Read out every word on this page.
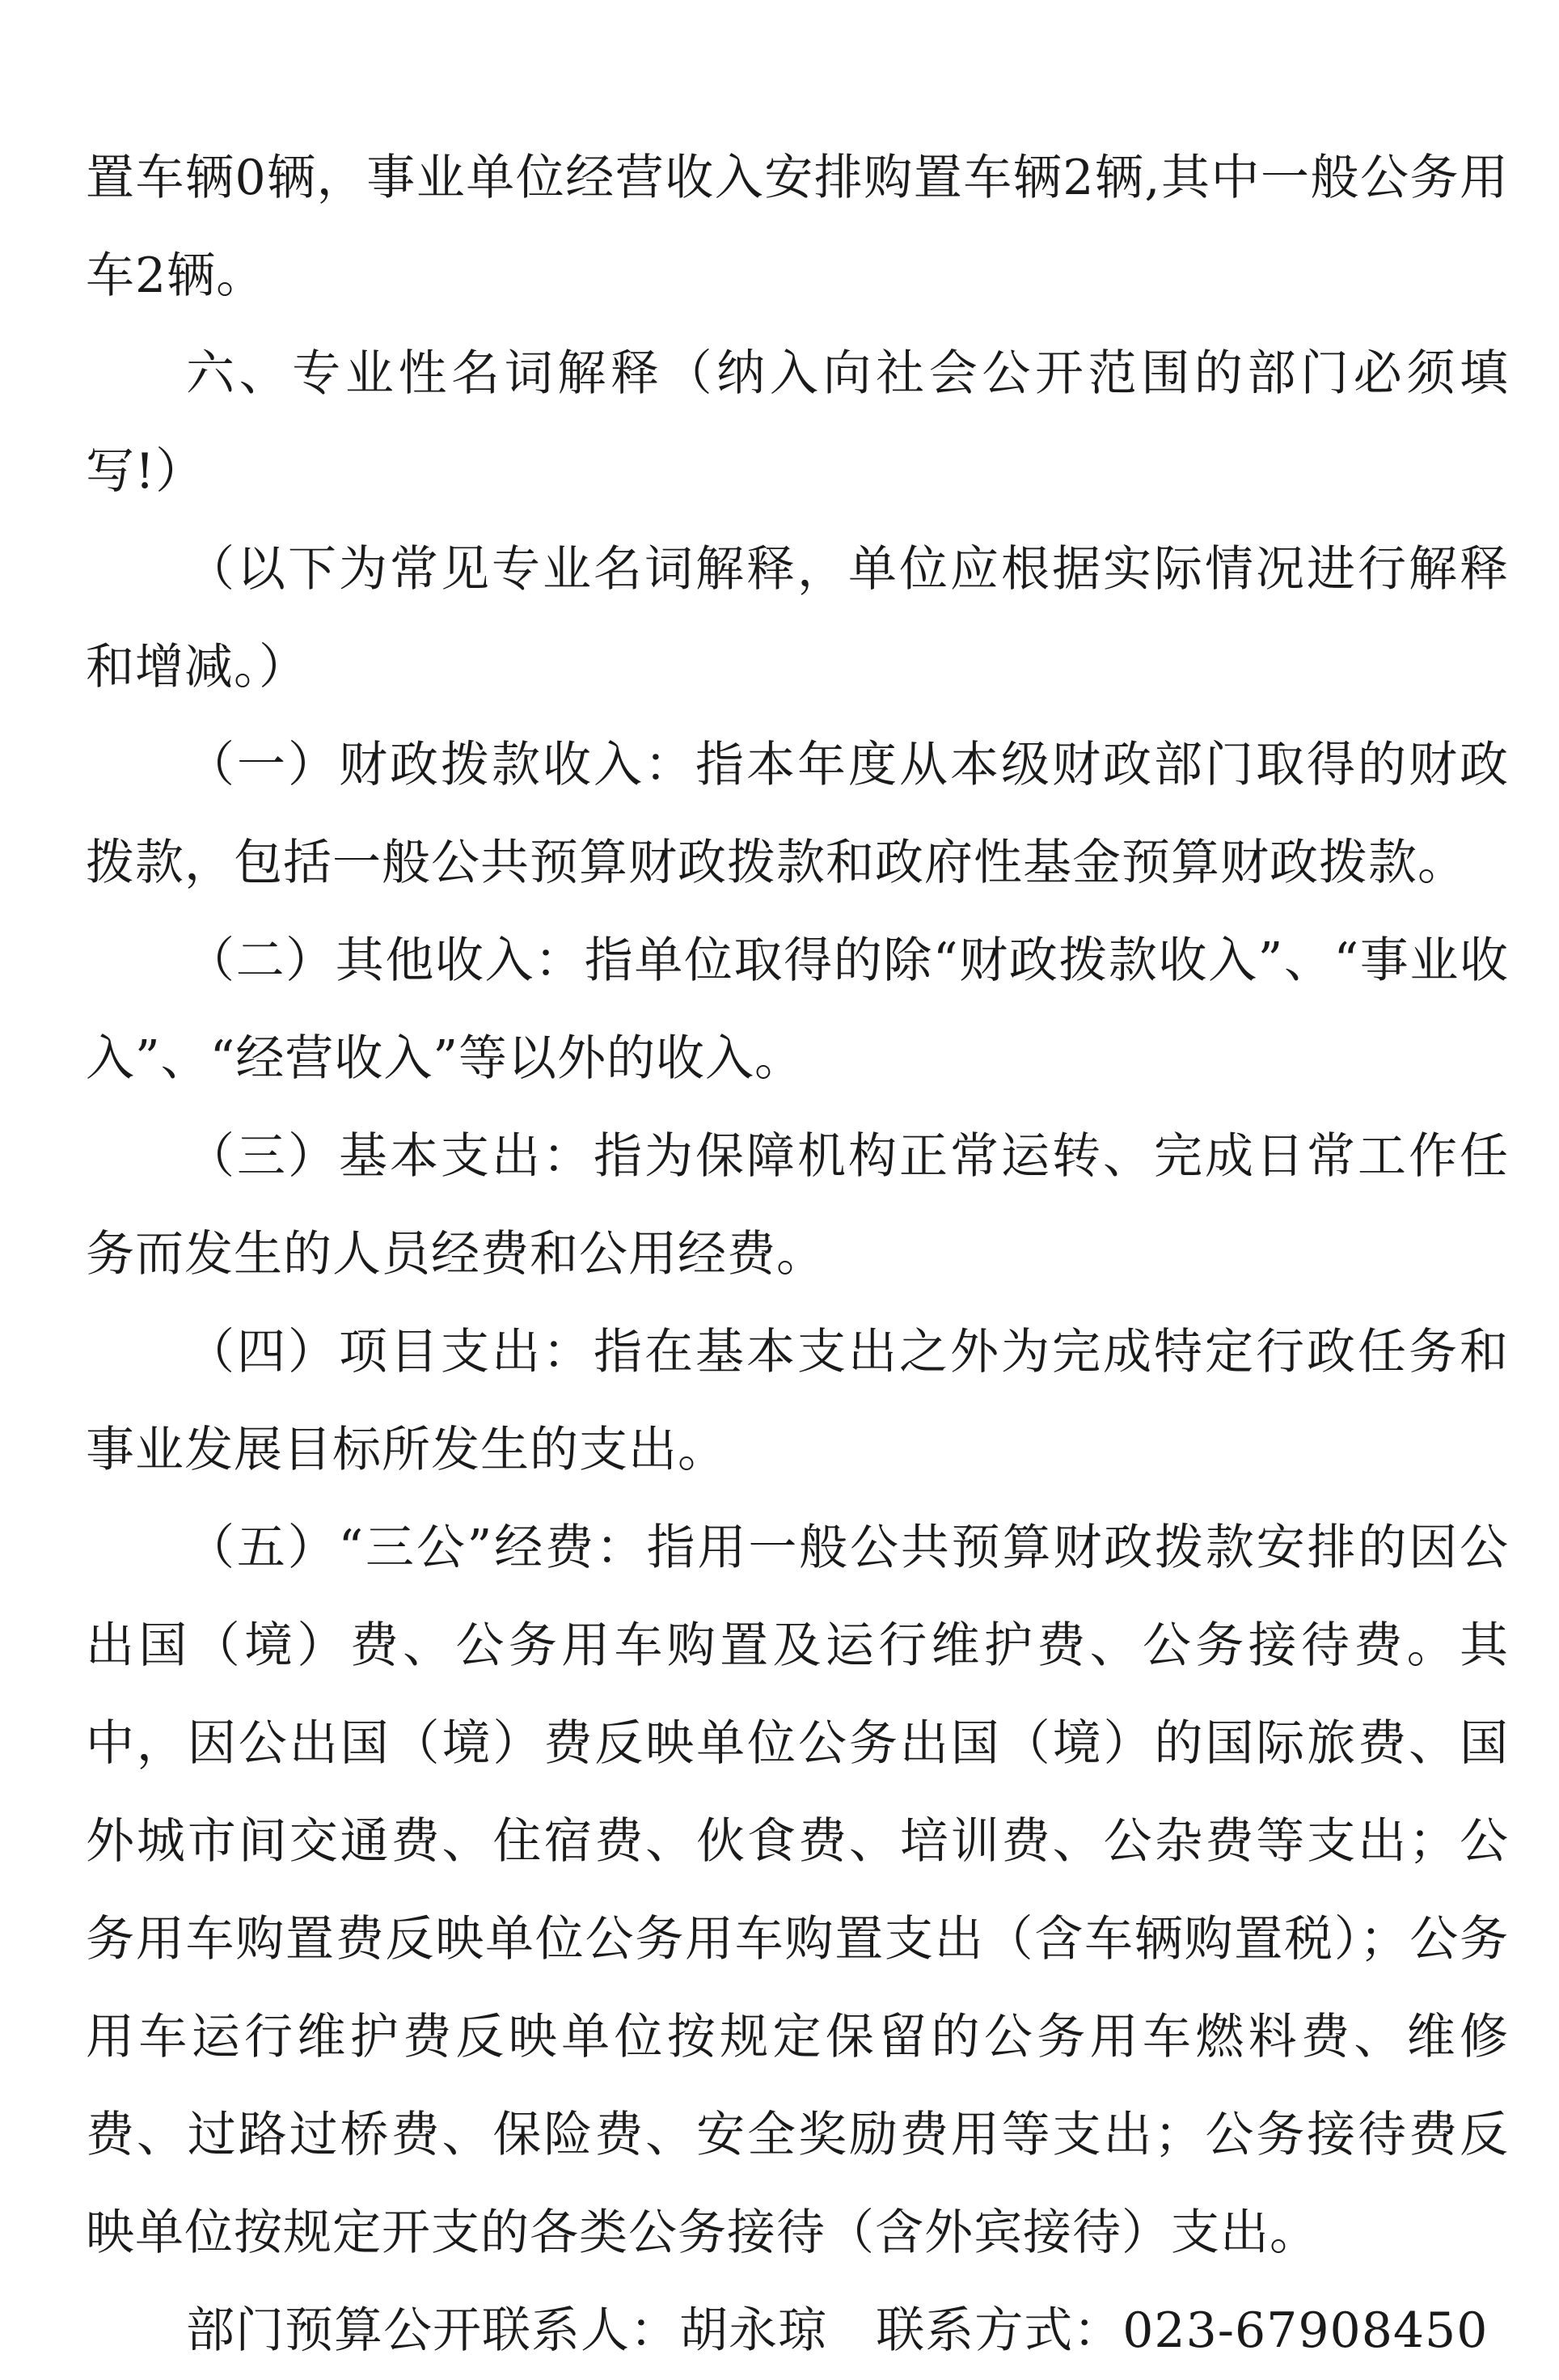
置车辆0辆，事业单位经营收入安排购置车辆2辆,其中一般公务用车2辆。

六、专业性名词解释（纳入向社会公开范围的部门必须填写!）

（以下为常见专业名词解释，单位应根据实际情况进行解释和增减。）

（一）财政拨款收入：指本年度从本级财政部门取得的财政拨款，包括一般公共预算财政拨款和政府性基金预算财政拨款。

（二）其他收入：指单位取得的除“财政拨款收入”、“事业收入”、“经营收入”等以外的收入。

（三）基本支出：指为保障机构正常运转、完成日常工作任务而发生的人员经费和公用经费。

（四）项目支出：指在基本支出之外为完成特定行政任务和事业发展目标所发生的支出。

（五）“三公”经费：指用一般公共预算财政拨款安排的因公出国（境）费、公务用车购置及运行维护费、公务接待费。其中，因公出国（境）费反映单位公务出国（境）的国际旅费、国外城市间交通费、住宿费、伙食费、培训费、公杂费等支出；公务用车购置费反映单位公务用车购置支出（含车辆购置税）；公务用车运行维护费反映单位按规定保留的公务用车燃料费、维修费、过路过桥费、保险费、安全奖励费用等支出；公务接待费反映单位按规定开支的各类公务接待（含外宾接待）支出。

部门预算公开联系人：胡永琼   联系方式：023-67908450
